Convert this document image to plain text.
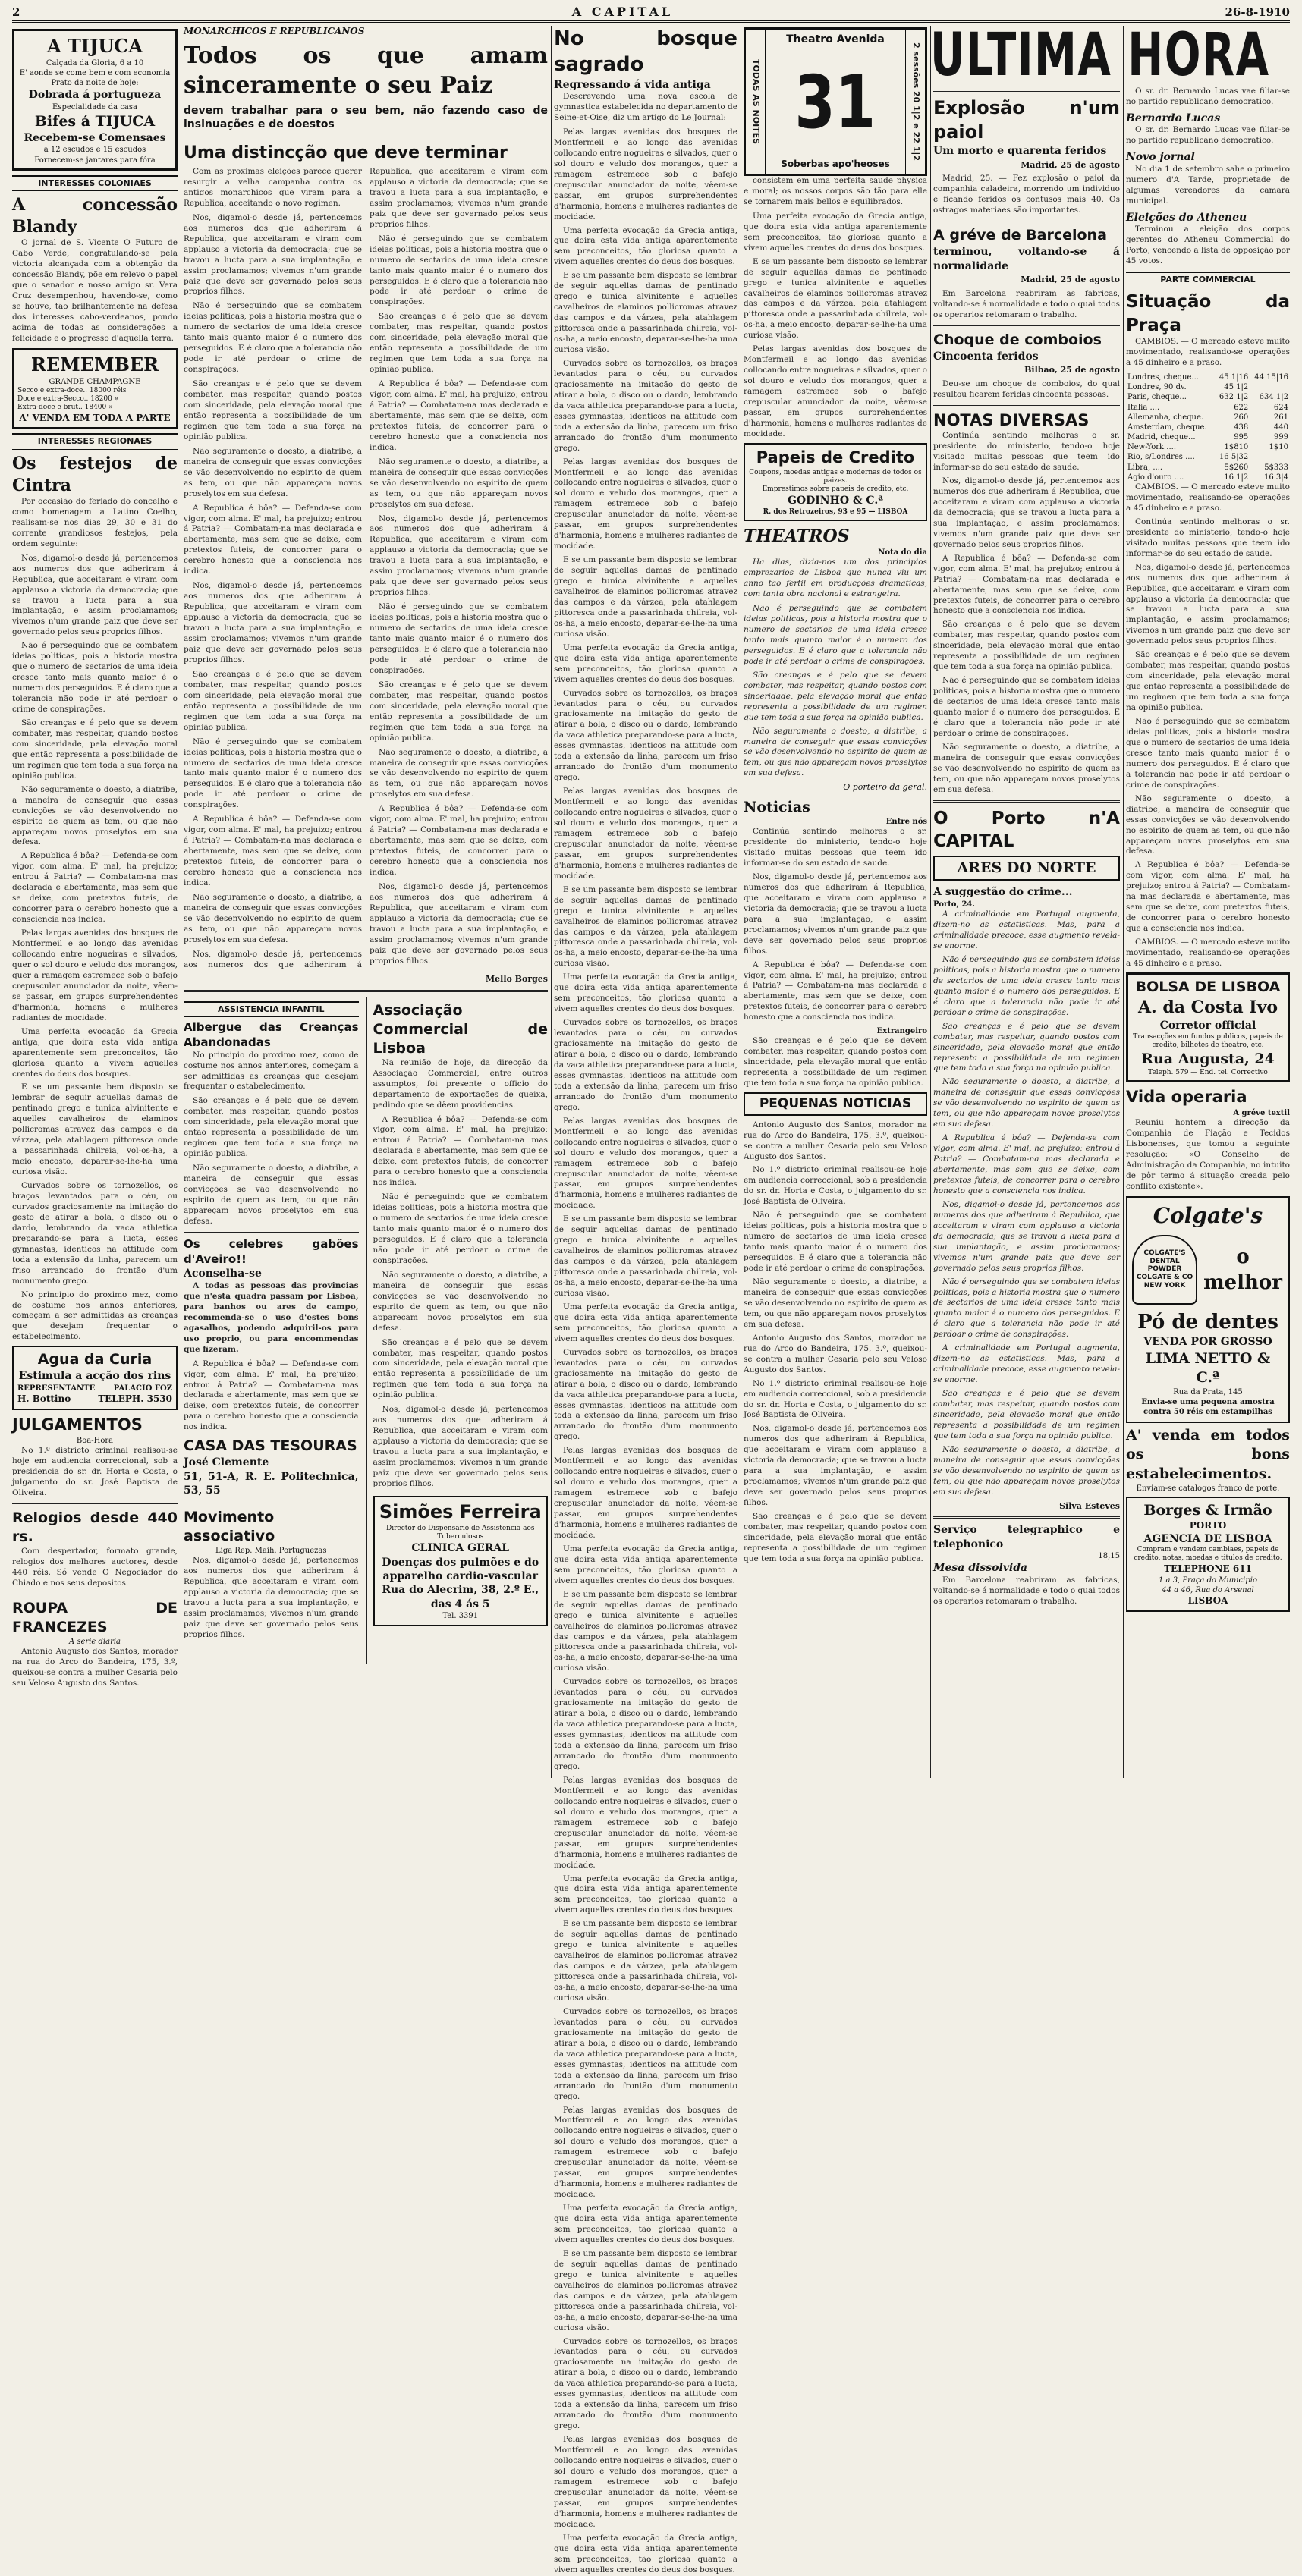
2	A CAPITAL	26-8-1910
A TIJUCA
Calçada da Gloria, 6 a 10
E' aonde se come bem e com economia
Prato da noite de hoje:
Dobrada á portugueza
Especialidade da casa
Bifes á TIJUCA
Recebem-se Comensaes
a 12 escudos e 15 escudos
Fornecem-se jantares para fóra
INTERESSES COLONIAES
A concessão Blandy

O jornal de S. Vicente O Futuro de Cabo Verde, congratulando-se pela victoria alcançada com a obtenção da concessão Blandy, põe em relevo o papel que o senador e nosso amigo sr. Vera Cruz desempenhou, havendo-se, como se houve, tão brilhantemente na defesa dos interesses cabo-verdeanos, pondo acima de todas as considerações a felicidade e o progresso d'aquella terra.

REMEMBER
GRANDE CHAMPAGNE
Secco e extra-doce.. 18000 réis
Doce e extra-Secco.. 18200 »
Extra-doce e brut.. 18400 »
A' VENDA EM TODA A PARTE
INTERESSES REGIONAES
Os festejos de Cintra

Por occasião do feriado do concelho e como homenagem a Latino Coelho, realisam-se nos dias 29, 30 e 31 do corrente grandiosos festejos, pela ordem seguinte:

Nos, digamol-o desde já, pertencemos aos numeros dos que adheriram á Republica, que acceitaram e viram com applauso a victoria da democracia; que se travou a lucta para a sua implantação, e assim proclamamos; vivemos n'um grande paiz que deve ser governado pelos seus proprios filhos.
Não é perseguindo que se combatem ideias politicas, pois a historia mostra que o numero de sectarios de uma ideia cresce tanto mais quanto maior é o numero dos perseguidos. E é claro que a tolerancia não pode ir até perdoar o crime de conspirações.
São creanças e é pelo que se devem combater, mas respeitar, quando postos com sinceridade, pela elevação moral que então representa a possibilidade de um regimen que tem toda a sua força na opinião publica.
Não seguramente o doesto, a diatribe, a maneira de conseguir que essas convicções se vão desenvolvendo no espirito de quem as tem, ou que não appareçam novos proselytos em sua defesa.
A Republica é bôa? — Defenda-se com vigor, com alma. E' mal, ha prejuizo; entrou á Patria? — Combatam-na mas declarada e abertamente, mas sem que se deixe, com pretextos futeis, de concorrer para o cerebro honesto que a consciencia nos indica.
Pelas largas avenidas dos bosques de Montfermeil e ao longo das avenidas collocando entre nogueiras e silvados, quer o sol douro e veludo dos morangos, quer a ramagem estremece sob o bafejo crepuscular anunciador da noite, vêem-se passar, em grupos surprehendentes d'harmonia, homens e mulheres radiantes de mocidade.
Uma perfeita evocação da Grecia antiga, que doira esta vida antiga aparentemente sem preconceitos, tão gloriosa quanto a vivem aquelles crentes do deus dos bosques.
E se um passante bem disposto se lembrar de seguir aquellas damas de pentinado grego e tunica alvinitente e aquelles cavalheiros de elaminos pollicromas atravez das campos e da várzea, pela atahlagem pittoresca onde a passarinhada chilreia, vol-os-ha, a meio encosto, deparar-se-lhe-ha uma curiosa visão.
Curvados sobre os tornozellos, os braços levantados para o céu, ou curvados graciosamente na imitação do gesto de atirar a bola, o disco ou o dardo, lembrando da vaca athletica preparando-se para a lucta, esses gymnastas, identicos na attitude com toda a extensão da linha, parecem um friso arrancado do frontão d'um monumento grego.
No principio do proximo mez, como de costume nos annos anteriores, começam a ser admittidas as creanças que desejam frequentar o estabelecimento.
Agua da Curia
Estimula a acção dos rins
REPRESENTANTE PALACIO FOZ
H. Bottino	TELEPH. 3530
JULGAMENTOS
Boa-Hora

No 1.º districto criminal realisou-se hoje em audiencia correccional, sob a presidencia do sr. dr. Horta e Costa, o julgamento do sr. José Baptista de Oliveira.

Relogios desde 440 rs.

Com despertador, formato grande, relogios dos melhores auctores, desde 440 réis. Só vende O Negociador do Chiado e nos seus depositos.

ROUPA DE FRANCEZES
A serie diaria

Antonio Augusto dos Santos, morador na rua do Arco do Bandeira, 175, 3.º, queixou-se contra a mulher Cesaria pelo seu Veloso Augusto dos Santos.

MONARCHICOS E REPUBLICANOS
Todos os que amam sinceramente o seu Paiz
devem trabalhar para o seu bem, não fazendo caso de insinuações e de doestos
Uma distincção que deve terminar

Com as proximas eleições parece querer resurgir a velha campanha contra os antigos monarchicos que viram para a Republica, acceitando o novo regimen.

Nos, digamol-o desde já, pertencemos aos numeros dos que adheriram á Republica, que acceitaram e viram com applauso a victoria da democracia; que se travou a lucta para a sua implantação, e assim proclamamos; vivemos n'um grande paiz que deve ser governado pelos seus proprios filhos.

Não é perseguindo que se combatem ideias politicas, pois a historia mostra que o numero de sectarios de uma ideia cresce tanto mais quanto maior é o numero dos perseguidos. E é claro que a tolerancia não pode ir até perdoar o crime de conspirações.

São creanças e é pelo que se devem combater, mas respeitar, quando postos com sinceridade, pela elevação moral que então representa a possibilidade de um regimen que tem toda a sua força na opinião publica.

Não seguramente o doesto, a diatribe, a maneira de conseguir que essas convicções se vão desenvolvendo no espirito de quem as tem, ou que não appareçam novos proselytos em sua defesa.

A Republica é bôa? — Defenda-se com vigor, com alma. E' mal, ha prejuizo; entrou á Patria? — Combatam-na mas declarada e abertamente, mas sem que se deixe, com pretextos futeis, de concorrer para o cerebro honesto que a consciencia nos indica.

Nos, digamol-o desde já, pertencemos aos numeros dos que adheriram á Republica, que acceitaram e viram com applauso a victoria da democracia; que se travou a lucta para a sua implantação, e assim proclamamos; vivemos n'um grande paiz que deve ser governado pelos seus proprios filhos.

São creanças e é pelo que se devem combater, mas respeitar, quando postos com sinceridade, pela elevação moral que então representa a possibilidade de um regimen que tem toda a sua força na opinião publica.

Não é perseguindo que se combatem ideias politicas, pois a historia mostra que o numero de sectarios de uma ideia cresce tanto mais quanto maior é o numero dos perseguidos. E é claro que a tolerancia não pode ir até perdoar o crime de conspirações.

A Republica é bôa? — Defenda-se com vigor, com alma. E' mal, ha prejuizo; entrou á Patria? — Combatam-na mas declarada e abertamente, mas sem que se deixe, com pretextos futeis, de concorrer para o cerebro honesto que a consciencia nos indica.

Não seguramente o doesto, a diatribe, a maneira de conseguir que essas convicções se vão desenvolvendo no espirito de quem as tem, ou que não appareçam novos proselytos em sua defesa.

Nos, digamol-o desde já, pertencemos aos numeros dos que adheriram á Republica, que acceitaram e viram com applauso a victoria da democracia; que se travou a lucta para a sua implantação, e assim proclamamos; vivemos n'um grande paiz que deve ser governado pelos seus proprios filhos.

Não é perseguindo que se combatem ideias politicas, pois a historia mostra que o numero de sectarios de uma ideia cresce tanto mais quanto maior é o numero dos perseguidos. E é claro que a tolerancia não pode ir até perdoar o crime de conspirações.

São creanças e é pelo que se devem combater, mas respeitar, quando postos com sinceridade, pela elevação moral que então representa a possibilidade de um regimen que tem toda a sua força na opinião publica.

A Republica é bôa? — Defenda-se com vigor, com alma. E' mal, ha prejuizo; entrou á Patria? — Combatam-na mas declarada e abertamente, mas sem que se deixe, com pretextos futeis, de concorrer para o cerebro honesto que a consciencia nos indica.

Não seguramente o doesto, a diatribe, a maneira de conseguir que essas convicções se vão desenvolvendo no espirito de quem as tem, ou que não appareçam novos proselytos em sua defesa.

Nos, digamol-o desde já, pertencemos aos numeros dos que adheriram á Republica, que acceitaram e viram com applauso a victoria da democracia; que se travou a lucta para a sua implantação, e assim proclamamos; vivemos n'um grande paiz que deve ser governado pelos seus proprios filhos.

Não é perseguindo que se combatem ideias politicas, pois a historia mostra que o numero de sectarios de uma ideia cresce tanto mais quanto maior é o numero dos perseguidos. E é claro que a tolerancia não pode ir até perdoar o crime de conspirações.

São creanças e é pelo que se devem combater, mas respeitar, quando postos com sinceridade, pela elevação moral que então representa a possibilidade de um regimen que tem toda a sua força na opinião publica.

Não seguramente o doesto, a diatribe, a maneira de conseguir que essas convicções se vão desenvolvendo no espirito de quem as tem, ou que não appareçam novos proselytos em sua defesa.

A Republica é bôa? — Defenda-se com vigor, com alma. E' mal, ha prejuizo; entrou á Patria? — Combatam-na mas declarada e abertamente, mas sem que se deixe, com pretextos futeis, de concorrer para o cerebro honesto que a consciencia nos indica.

Nos, digamol-o desde já, pertencemos aos numeros dos que adheriram á Republica, que acceitaram e viram com applauso a victoria da democracia; que se travou a lucta para a sua implantação, e assim proclamamos; vivemos n'um grande paiz que deve ser governado pelos seus proprios filhos.

Mello Borges
ASSISTENCIA INFANTIL
Albergue das Creanças Abandonadas

No principio do proximo mez, como de costume nos annos anteriores, começam a ser admittidas as creanças que desejam frequentar o estabelecimento.

São creanças e é pelo que se devem combater, mas respeitar, quando postos com sinceridade, pela elevação moral que então representa a possibilidade de um regimen que tem toda a sua força na opinião publica.

Não seguramente o doesto, a diatribe, a maneira de conseguir que essas convicções se vão desenvolvendo no espirito de quem as tem, ou que não appareçam novos proselytos em sua defesa.

Os celebres gabões d'Aveiro!!
Aconselha-se

A todas as pessoas das provincias que n'esta quadra passam por Lisboa, para banhos ou ares de campo, recommenda-se o uso d'estes bons agasalhos, podendo adquiril-os para uso proprio, ou para encommendas que fizeram.

A Republica é bôa? — Defenda-se com vigor, com alma. E' mal, ha prejuizo; entrou á Patria? — Combatam-na mas declarada e abertamente, mas sem que se deixe, com pretextos futeis, de concorrer para o cerebro honesto que a consciencia nos indica.

CASA DAS TESOURAS
José Clemente
51, 51-A, R. E. Politechnica, 53, 55
Movimento associativo
Liga Rep. Maih. Portuguezas

Nos, digamol-o desde já, pertencemos aos numeros dos que adheriram á Republica, que acceitaram e viram com applauso a victoria da democracia; que se travou a lucta para a sua implantação, e assim proclamamos; vivemos n'um grande paiz que deve ser governado pelos seus proprios filhos.

Associação Commercial de Lisboa

Na reunião de hoje, da direcção da Associação Commercial, entre outros assumptos, foi presente o officio do departamento de exportações de queixa, pedindo que se dêem providencias.

A Republica é bôa? — Defenda-se com vigor, com alma. E' mal, ha prejuizo; entrou á Patria? — Combatam-na mas declarada e abertamente, mas sem que se deixe, com pretextos futeis, de concorrer para o cerebro honesto que a consciencia nos indica.

Não é perseguindo que se combatem ideias politicas, pois a historia mostra que o numero de sectarios de uma ideia cresce tanto mais quanto maior é o numero dos perseguidos. E é claro que a tolerancia não pode ir até perdoar o crime de conspirações.

Não seguramente o doesto, a diatribe, a maneira de conseguir que essas convicções se vão desenvolvendo no espirito de quem as tem, ou que não appareçam novos proselytos em sua defesa.

São creanças e é pelo que se devem combater, mas respeitar, quando postos com sinceridade, pela elevação moral que então representa a possibilidade de um regimen que tem toda a sua força na opinião publica.

Nos, digamol-o desde já, pertencemos aos numeros dos que adheriram á Republica, que acceitaram e viram com applauso a victoria da democracia; que se travou a lucta para a sua implantação, e assim proclamamos; vivemos n'um grande paiz que deve ser governado pelos seus proprios filhos.

Simões Ferreira
Director do Dispensario de Assistencia aos Tuberculosos
CLINICA GERAL
Doenças dos pulmões e do apparelho cardio-vascular
Rua do Alecrim, 38, 2.º E., das 4 ás 5
Tel. 3391
No bosque sagrado
Regressando á vida antiga

Descrevendo uma nova escola de gymnastica estabelecida no departamento de Seine-et-Oise, diz um artigo do Le Journal:

Pelas largas avenidas dos bosques de Montfermeil e ao longo das avenidas collocando entre nogueiras e silvados, quer o sol douro e veludo dos morangos, quer a ramagem estremece sob o bafejo crepuscular anunciador da noite, vêem-se passar, em grupos surprehendentes d'harmonia, homens e mulheres radiantes de mocidade.
Uma perfeita evocação da Grecia antiga, que doira esta vida antiga aparentemente sem preconceitos, tão gloriosa quanto a vivem aquelles crentes do deus dos bosques.
E se um passante bem disposto se lembrar de seguir aquellas damas de pentinado grego e tunica alvinitente e aquelles cavalheiros de elaminos pollicromas atravez das campos e da várzea, pela atahlagem pittoresca onde a passarinhada chilreia, vol-os-ha, a meio encosto, deparar-se-lhe-ha uma curiosa visão.
Curvados sobre os tornozellos, os braços levantados para o céu, ou curvados graciosamente na imitação do gesto de atirar a bola, o disco ou o dardo, lembrando da vaca athletica preparando-se para a lucta, esses gymnastas, identicos na attitude com toda a extensão da linha, parecem um friso arrancado do frontão d'um monumento grego.
Pelas largas avenidas dos bosques de Montfermeil e ao longo das avenidas collocando entre nogueiras e silvados, quer o sol douro e veludo dos morangos, quer a ramagem estremece sob o bafejo crepuscular anunciador da noite, vêem-se passar, em grupos surprehendentes d'harmonia, homens e mulheres radiantes de mocidade.
E se um passante bem disposto se lembrar de seguir aquellas damas de pentinado grego e tunica alvinitente e aquelles cavalheiros de elaminos pollicromas atravez das campos e da várzea, pela atahlagem pittoresca onde a passarinhada chilreia, vol-os-ha, a meio encosto, deparar-se-lhe-ha uma curiosa visão.
Uma perfeita evocação da Grecia antiga, que doira esta vida antiga aparentemente sem preconceitos, tão gloriosa quanto a vivem aquelles crentes do deus dos bosques.
Curvados sobre os tornozellos, os braços levantados para o céu, ou curvados graciosamente na imitação do gesto de atirar a bola, o disco ou o dardo, lembrando da vaca athletica preparando-se para a lucta, esses gymnastas, identicos na attitude com toda a extensão da linha, parecem um friso arrancado do frontão d'um monumento grego.
Pelas largas avenidas dos bosques de Montfermeil e ao longo das avenidas collocando entre nogueiras e silvados, quer o sol douro e veludo dos morangos, quer a ramagem estremece sob o bafejo crepuscular anunciador da noite, vêem-se passar, em grupos surprehendentes d'harmonia, homens e mulheres radiantes de mocidade.
E se um passante bem disposto se lembrar de seguir aquellas damas de pentinado grego e tunica alvinitente e aquelles cavalheiros de elaminos pollicromas atravez das campos e da várzea, pela atahlagem pittoresca onde a passarinhada chilreia, vol-os-ha, a meio encosto, deparar-se-lhe-ha uma curiosa visão.
Uma perfeita evocação da Grecia antiga, que doira esta vida antiga aparentemente sem preconceitos, tão gloriosa quanto a vivem aquelles crentes do deus dos bosques.
Curvados sobre os tornozellos, os braços levantados para o céu, ou curvados graciosamente na imitação do gesto de atirar a bola, o disco ou o dardo, lembrando da vaca athletica preparando-se para a lucta, esses gymnastas, identicos na attitude com toda a extensão da linha, parecem um friso arrancado do frontão d'um monumento grego.
Pelas largas avenidas dos bosques de Montfermeil e ao longo das avenidas collocando entre nogueiras e silvados, quer o sol douro e veludo dos morangos, quer a ramagem estremece sob o bafejo crepuscular anunciador da noite, vêem-se passar, em grupos surprehendentes d'harmonia, homens e mulheres radiantes de mocidade.
E se um passante bem disposto se lembrar de seguir aquellas damas de pentinado grego e tunica alvinitente e aquelles cavalheiros de elaminos pollicromas atravez das campos e da várzea, pela atahlagem pittoresca onde a passarinhada chilreia, vol-os-ha, a meio encosto, deparar-se-lhe-ha uma curiosa visão.
Uma perfeita evocação da Grecia antiga, que doira esta vida antiga aparentemente sem preconceitos, tão gloriosa quanto a vivem aquelles crentes do deus dos bosques.
Curvados sobre os tornozellos, os braços levantados para o céu, ou curvados graciosamente na imitação do gesto de atirar a bola, o disco ou o dardo, lembrando da vaca athletica preparando-se para a lucta, esses gymnastas, identicos na attitude com toda a extensão da linha, parecem um friso arrancado do frontão d'um monumento grego.
Pelas largas avenidas dos bosques de Montfermeil e ao longo das avenidas collocando entre nogueiras e silvados, quer o sol douro e veludo dos morangos, quer a ramagem estremece sob o bafejo crepuscular anunciador da noite, vêem-se passar, em grupos surprehendentes d'harmonia, homens e mulheres radiantes de mocidade.
Uma perfeita evocação da Grecia antiga, que doira esta vida antiga aparentemente sem preconceitos, tão gloriosa quanto a vivem aquelles crentes do deus dos bosques.
E se um passante bem disposto se lembrar de seguir aquellas damas de pentinado grego e tunica alvinitente e aquelles cavalheiros de elaminos pollicromas atravez das campos e da várzea, pela atahlagem pittoresca onde a passarinhada chilreia, vol-os-ha, a meio encosto, deparar-se-lhe-ha uma curiosa visão.
Curvados sobre os tornozellos, os braços levantados para o céu, ou curvados graciosamente na imitação do gesto de atirar a bola, o disco ou o dardo, lembrando da vaca athletica preparando-se para a lucta, esses gymnastas, identicos na attitude com toda a extensão da linha, parecem um friso arrancado do frontão d'um monumento grego.
Pelas largas avenidas dos bosques de Montfermeil e ao longo das avenidas collocando entre nogueiras e silvados, quer o sol douro e veludo dos morangos, quer a ramagem estremece sob o bafejo crepuscular anunciador da noite, vêem-se passar, em grupos surprehendentes d'harmonia, homens e mulheres radiantes de mocidade.
Uma perfeita evocação da Grecia antiga, que doira esta vida antiga aparentemente sem preconceitos, tão gloriosa quanto a vivem aquelles crentes do deus dos bosques.
E se um passante bem disposto se lembrar de seguir aquellas damas de pentinado grego e tunica alvinitente e aquelles cavalheiros de elaminos pollicromas atravez das campos e da várzea, pela atahlagem pittoresca onde a passarinhada chilreia, vol-os-ha, a meio encosto, deparar-se-lhe-ha uma curiosa visão.
Curvados sobre os tornozellos, os braços levantados para o céu, ou curvados graciosamente na imitação do gesto de atirar a bola, o disco ou o dardo, lembrando da vaca athletica preparando-se para a lucta, esses gymnastas, identicos na attitude com toda a extensão da linha, parecem um friso arrancado do frontão d'um monumento grego.
Pelas largas avenidas dos bosques de Montfermeil e ao longo das avenidas collocando entre nogueiras e silvados, quer o sol douro e veludo dos morangos, quer a ramagem estremece sob o bafejo crepuscular anunciador da noite, vêem-se passar, em grupos surprehendentes d'harmonia, homens e mulheres radiantes de mocidade.
Uma perfeita evocação da Grecia antiga, que doira esta vida antiga aparentemente sem preconceitos, tão gloriosa quanto a vivem aquelles crentes do deus dos bosques.
E se um passante bem disposto se lembrar de seguir aquellas damas de pentinado grego e tunica alvinitente e aquelles cavalheiros de elaminos pollicromas atravez das campos e da várzea, pela atahlagem pittoresca onde a passarinhada chilreia, vol-os-ha, a meio encosto, deparar-se-lhe-ha uma curiosa visão.
Curvados sobre os tornozellos, os braços levantados para o céu, ou curvados graciosamente na imitação do gesto de atirar a bola, o disco ou o dardo, lembrando da vaca athletica preparando-se para a lucta, esses gymnastas, identicos na attitude com toda a extensão da linha, parecem um friso arrancado do frontão d'um monumento grego.
Pelas largas avenidas dos bosques de Montfermeil e ao longo das avenidas collocando entre nogueiras e silvados, quer o sol douro e veludo dos morangos, quer a ramagem estremece sob o bafejo crepuscular anunciador da noite, vêem-se passar, em grupos surprehendentes d'harmonia, homens e mulheres radiantes de mocidade.
Uma perfeita evocação da Grecia antiga, que doira esta vida antiga aparentemente sem preconceitos, tão gloriosa quanto a vivem aquelles crentes do deus dos bosques.
TODAS AS NOITES
Theatro Avenida
31
Soberbas apo'heoses
2 sessões 20 1|2 e 22 1|2

consistem em uma perfeita saude physica e moral; os nossos corpos são tão para elle se tornarem mais bellos e equilibrados.

Uma perfeita evocação da Grecia antiga, que doira esta vida antiga aparentemente sem preconceitos, tão gloriosa quanto a vivem aquelles crentes do deus dos bosques.
E se um passante bem disposto se lembrar de seguir aquellas damas de pentinado grego e tunica alvinitente e aquelles cavalheiros de elaminos pollicromas atravez das campos e da várzea, pela atahlagem pittoresca onde a passarinhada chilreia, vol-os-ha, a meio encosto, deparar-se-lhe-ha uma curiosa visão.
Pelas largas avenidas dos bosques de Montfermeil e ao longo das avenidas collocando entre nogueiras e silvados, quer o sol douro e veludo dos morangos, quer a ramagem estremece sob o bafejo crepuscular anunciador da noite, vêem-se passar, em grupos surprehendentes d'harmonia, homens e mulheres radiantes de mocidade.
Papeis de Credito
Coupons, moedas antigas e modernas de todos os paizes.
Emprestimos sobre papeis de credito, etc.
GODINHO & C.ª
R. dos Retrozeiros, 93 e 95 — LISBOA
THEATROS
Nota do dia

Ha dias, dizia-nos um dos principios emprezarios de Lisboa que nunca viu um anno tão fertil em producções dramaticas, com tanta obra nacional e estrangeira.

Não é perseguindo que se combatem ideias politicas, pois a historia mostra que o numero de sectarios de uma ideia cresce tanto mais quanto maior é o numero dos perseguidos. E é claro que a tolerancia não pode ir até perdoar o crime de conspirações.
São creanças e é pelo que se devem combater, mas respeitar, quando postos com sinceridade, pela elevação moral que então representa a possibilidade de um regimen que tem toda a sua força na opinião publica.
Não seguramente o doesto, a diatribe, a maneira de conseguir que essas convicções se vão desenvolvendo no espirito de quem as tem, ou que não appareçam novos proselytos em sua defesa.
O porteiro da geral.
Noticias
Entre nós
Continúa sentindo melhoras o sr. presidente do ministerio, tendo-o hoje visitado muitas pessoas que teem ido informar-se do seu estado de saude.
Nos, digamol-o desde já, pertencemos aos numeros dos que adheriram á Republica, que acceitaram e viram com applauso a victoria da democracia; que se travou a lucta para a sua implantação, e assim proclamamos; vivemos n'um grande paiz que deve ser governado pelos seus proprios filhos.
A Republica é bôa? — Defenda-se com vigor, com alma. E' mal, ha prejuizo; entrou á Patria? — Combatam-na mas declarada e abertamente, mas sem que se deixe, com pretextos futeis, de concorrer para o cerebro honesto que a consciencia nos indica.
Extrangeiro
São creanças e é pelo que se devem combater, mas respeitar, quando postos com sinceridade, pela elevação moral que então representa a possibilidade de um regimen que tem toda a sua força na opinião publica.
PEQUENAS NOTICIAS
Antonio Augusto dos Santos, morador na rua do Arco do Bandeira, 175, 3.º, queixou-se contra a mulher Cesaria pelo seu Veloso Augusto dos Santos.
No 1.º districto criminal realisou-se hoje em audiencia correccional, sob a presidencia do sr. dr. Horta e Costa, o julgamento do sr. José Baptista de Oliveira.
Não é perseguindo que se combatem ideias politicas, pois a historia mostra que o numero de sectarios de uma ideia cresce tanto mais quanto maior é o numero dos perseguidos. E é claro que a tolerancia não pode ir até perdoar o crime de conspirações.
Não seguramente o doesto, a diatribe, a maneira de conseguir que essas convicções se vão desenvolvendo no espirito de quem as tem, ou que não appareçam novos proselytos em sua defesa.
Antonio Augusto dos Santos, morador na rua do Arco do Bandeira, 175, 3.º, queixou-se contra a mulher Cesaria pelo seu Veloso Augusto dos Santos.
No 1.º districto criminal realisou-se hoje em audiencia correccional, sob a presidencia do sr. dr. Horta e Costa, o julgamento do sr. José Baptista de Oliveira.
Nos, digamol-o desde já, pertencemos aos numeros dos que adheriram á Republica, que acceitaram e viram com applauso a victoria da democracia; que se travou a lucta para a sua implantação, e assim proclamamos; vivemos n'um grande paiz que deve ser governado pelos seus proprios filhos.
São creanças e é pelo que se devem combater, mas respeitar, quando postos com sinceridade, pela elevação moral que então representa a possibilidade de um regimen que tem toda a sua força na opinião publica.
ULTIMA HORA
Explosão n'um paiol
Um morto e quarenta feridos
Madrid, 25 de agosto

Madrid, 25. — Fez explosão o paiol da companhia caladeira, morrendo um individuo e ficando feridos os contusos mais 40. Os ostragos materiaes são importantes.

A gréve de Barcelona
terminou, voltando-se á normalidade
Madrid, 25 de agosto

Em Barcelona reabriram as fabricas, voltando-se á normalidade e todo o quai todos os operarios retomaram o trabalho.

Choque de comboios
Cincoenta feridos
Bilbao, 25 de agosto

Deu-se um choque de comboios, do qual resultou ficarem feridas cincoenta pessoas.

NOTAS DIVERSAS
Continúa sentindo melhoras o sr. presidente do ministerio, tendo-o hoje visitado muitas pessoas que teem ido informar-se do seu estado de saude.
Nos, digamol-o desde já, pertencemos aos numeros dos que adheriram á Republica, que acceitaram e viram com applauso a victoria da democracia; que se travou a lucta para a sua implantação, e assim proclamamos; vivemos n'um grande paiz que deve ser governado pelos seus proprios filhos.
A Republica é bôa? — Defenda-se com vigor, com alma. E' mal, ha prejuizo; entrou á Patria? — Combatam-na mas declarada e abertamente, mas sem que se deixe, com pretextos futeis, de concorrer para o cerebro honesto que a consciencia nos indica.
São creanças e é pelo que se devem combater, mas respeitar, quando postos com sinceridade, pela elevação moral que então representa a possibilidade de um regimen que tem toda a sua força na opinião publica.
Não é perseguindo que se combatem ideias politicas, pois a historia mostra que o numero de sectarios de uma ideia cresce tanto mais quanto maior é o numero dos perseguidos. E é claro que a tolerancia não pode ir até perdoar o crime de conspirações.
Não seguramente o doesto, a diatribe, a maneira de conseguir que essas convicções se vão desenvolvendo no espirito de quem as tem, ou que não appareçam novos proselytos em sua defesa.
O Porto n'A CAPITAL
ARES DO NORTE
A suggestão do crime...
Porto, 24.
A criminalidade em Portugal augmenta, dizem-no as estatisticas. Mas, para a criminalidade precoce, esse augmento revela-se enorme.
Não é perseguindo que se combatem ideias politicas, pois a historia mostra que o numero de sectarios de uma ideia cresce tanto mais quanto maior é o numero dos perseguidos. E é claro que a tolerancia não pode ir até perdoar o crime de conspirações.
São creanças e é pelo que se devem combater, mas respeitar, quando postos com sinceridade, pela elevação moral que então representa a possibilidade de um regimen que tem toda a sua força na opinião publica.
Não seguramente o doesto, a diatribe, a maneira de conseguir que essas convicções se vão desenvolvendo no espirito de quem as tem, ou que não appareçam novos proselytos em sua defesa.
A Republica é bôa? — Defenda-se com vigor, com alma. E' mal, ha prejuizo; entrou á Patria? — Combatam-na mas declarada e abertamente, mas sem que se deixe, com pretextos futeis, de concorrer para o cerebro honesto que a consciencia nos indica.
Nos, digamol-o desde já, pertencemos aos numeros dos que adheriram á Republica, que acceitaram e viram com applauso a victoria da democracia; que se travou a lucta para a sua implantação, e assim proclamamos; vivemos n'um grande paiz que deve ser governado pelos seus proprios filhos.
Não é perseguindo que se combatem ideias politicas, pois a historia mostra que o numero de sectarios de uma ideia cresce tanto mais quanto maior é o numero dos perseguidos. E é claro que a tolerancia não pode ir até perdoar o crime de conspirações.
A criminalidade em Portugal augmenta, dizem-no as estatisticas. Mas, para a criminalidade precoce, esse augmento revela-se enorme.
São creanças e é pelo que se devem combater, mas respeitar, quando postos com sinceridade, pela elevação moral que então representa a possibilidade de um regimen que tem toda a sua força na opinião publica.
Não seguramente o doesto, a diatribe, a maneira de conseguir que essas convicções se vão desenvolvendo no espirito de quem as tem, ou que não appareçam novos proselytos em sua defesa.
Silva Esteves
Serviço telegraphico e telephonico
18,15
Mesa dissolvida

Em Barcelona reabriram as fabricas, voltando-se á normalidade e todo o quai todos os operarios retomaram o trabalho.

O sr. dr. Bernardo Lucas vae filiar-se no partido republicano democratico.

Bernardo Lucas

O sr. dr. Bernardo Lucas vae filiar-se no partido republicano democratico.

Novo jornal

No dia 1 de setembro sahe o primeiro numero d'A Tarde, proprietade de algumas vereadores da camara municipal.

Eleições do Atheneu

Terminou a eleição dos corpos gerentes do Atheneu Commercial do Porto, vencendo a lista de opposição por 45 votos.

PARTE COMMERCIAL
Situação da Praça

CAMBIOS. — O mercado esteve muito movimentado, realisando-se operações a 45 dinheiro e a praso.

Londres, cheque...	45 1|16	44 15|16
Londres, 90 dv.	45 1|2	
Paris, cheque...	632 1|2	634 1|2
Italia ....	622	624
Allemanha, cheque.	260	261
Amsterdam, cheque.	438	440
Madrid, cheque...	995	999
New-York ....	1$810	1$10
Rio, s/Londres ....	16 5|32	
Libra, ....	5$260	5$333
Agio d'ouro ....	16 1|2	16 3|4
CAMBIOS. — O mercado esteve muito movimentado, realisando-se operações a 45 dinheiro e a praso.
Continúa sentindo melhoras o sr. presidente do ministerio, tendo-o hoje visitado muitas pessoas que teem ido informar-se do seu estado de saude.
Nos, digamol-o desde já, pertencemos aos numeros dos que adheriram á Republica, que acceitaram e viram com applauso a victoria da democracia; que se travou a lucta para a sua implantação, e assim proclamamos; vivemos n'um grande paiz que deve ser governado pelos seus proprios filhos.
São creanças e é pelo que se devem combater, mas respeitar, quando postos com sinceridade, pela elevação moral que então representa a possibilidade de um regimen que tem toda a sua força na opinião publica.
Não é perseguindo que se combatem ideias politicas, pois a historia mostra que o numero de sectarios de uma ideia cresce tanto mais quanto maior é o numero dos perseguidos. E é claro que a tolerancia não pode ir até perdoar o crime de conspirações.
Não seguramente o doesto, a diatribe, a maneira de conseguir que essas convicções se vão desenvolvendo no espirito de quem as tem, ou que não appareçam novos proselytos em sua defesa.
A Republica é bôa? — Defenda-se com vigor, com alma. E' mal, ha prejuizo; entrou á Patria? — Combatam-na mas declarada e abertamente, mas sem que se deixe, com pretextos futeis, de concorrer para o cerebro honesto que a consciencia nos indica.
CAMBIOS. — O mercado esteve muito movimentado, realisando-se operações a 45 dinheiro e a praso.
BOLSA DE LISBOA
A. da Costa Ivo
Corretor official
Transacções em fundos publicos, papeis de credito, bilhetes de theatro, etc.
Rua Augusta, 24
Teleph. 579 — End. tel. Correctivo
Vida operaria
A gréve textil

Reuniu hontem a direcção da Companhia de Fiação e Tecidos Lisbonenses, que tomou a seguinte resolução: «O Conselho de Administração da Companhia, no intuito de pôr termo á situação creada pelo conflito existente».

Colgate's
COLGATE'S
DENTAL
POWDER
COLGATE & CO
NEW YORK
o melhor
Pó de dentes
VENDA POR GROSSO
LIMA NETTO & C.ª
Rua da Prata, 145
Envia-se uma pequena amostra contra 50 réis em estampilhas
A' venda em todos os bons estabelecimentos.
Enviam-se catalogos franco de porte.
Borges & Irmão
PORTO
AGENCIA DE LISBOA
Compram e vendem cambiaes, papeis de credito, notas, moedas e titulos de credito.
TELEPHONE 611
1 a 3, Praça do Municipio
44 a 46, Rua do Arsenal
LISBOA
